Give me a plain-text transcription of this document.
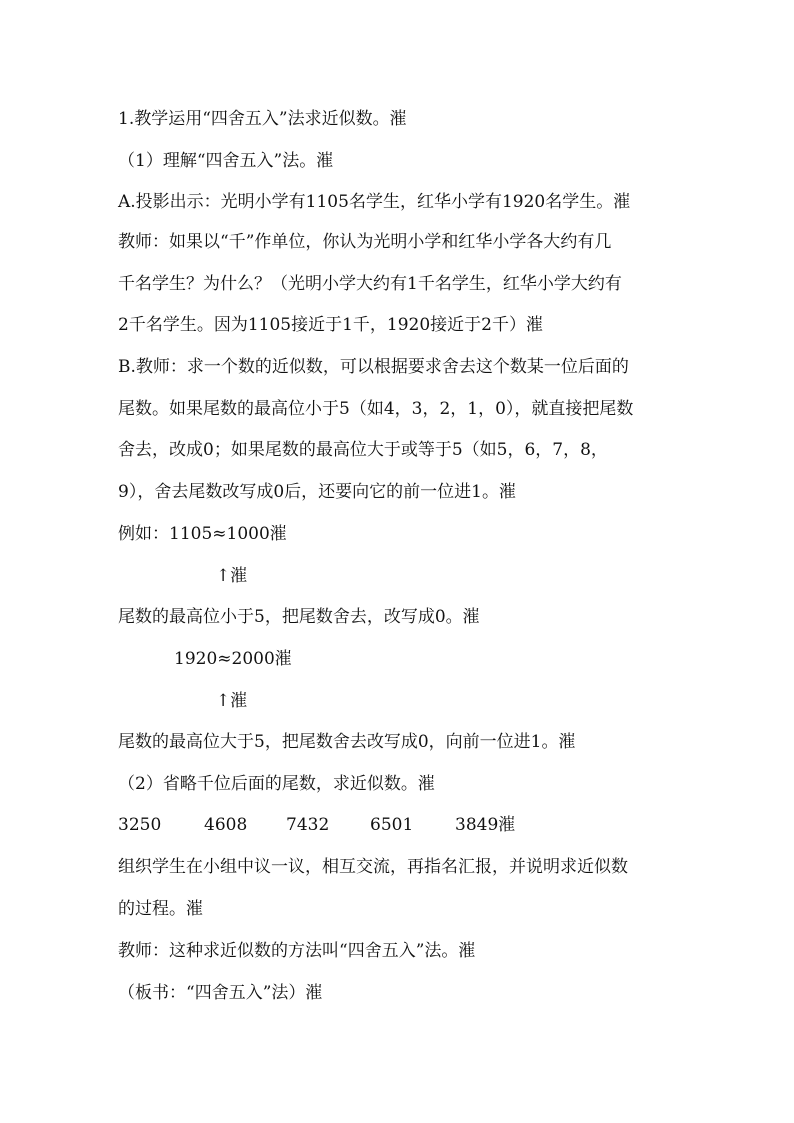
1.教学运用“四舍五入”法求近似数。漼
（1）理解“四舍五入”法。漼
A.投影出示：光明小学有1105名学生，红华小学有1920名学生。漼
教师：如果以“千”作单位，你认为光明小学和红华小学各大约有几
千名学生？为什么？（光明小学大约有1千名学生，红华小学大约有
2千名学生。因为1105接近于1千，1920接近于2千）漼
B.教师：求一个数的近似数，可以根据要求舍去这个数某一位后面的
尾数。如果尾数的最高位小于5（如4，3，2，1，0），就直接把尾数
舍去，改成0；如果尾数的最高位大于或等于5（如5，6，7，8，
9），舍去尾数改写成0后，还要向它的前一位进1。漼
例如：1105≈1000漼
↑漼
尾数的最高位小于5，把尾数舍去，改写成0。漼
1920≈2000漼
↑漼
尾数的最高位大于5，把尾数舍去改写成0，向前一位进1。漼
（2）省略千位后面的尾数，求近似数。漼
3250	4608 7432 6501 3849漼
组织学生在小组中议一议，相互交流，再指名汇报，并说明求近似数
的过程。漼
教师：这种求近似数的方法叫“四舍五入”法。漼
（板书：“四舍五入”法）漼
